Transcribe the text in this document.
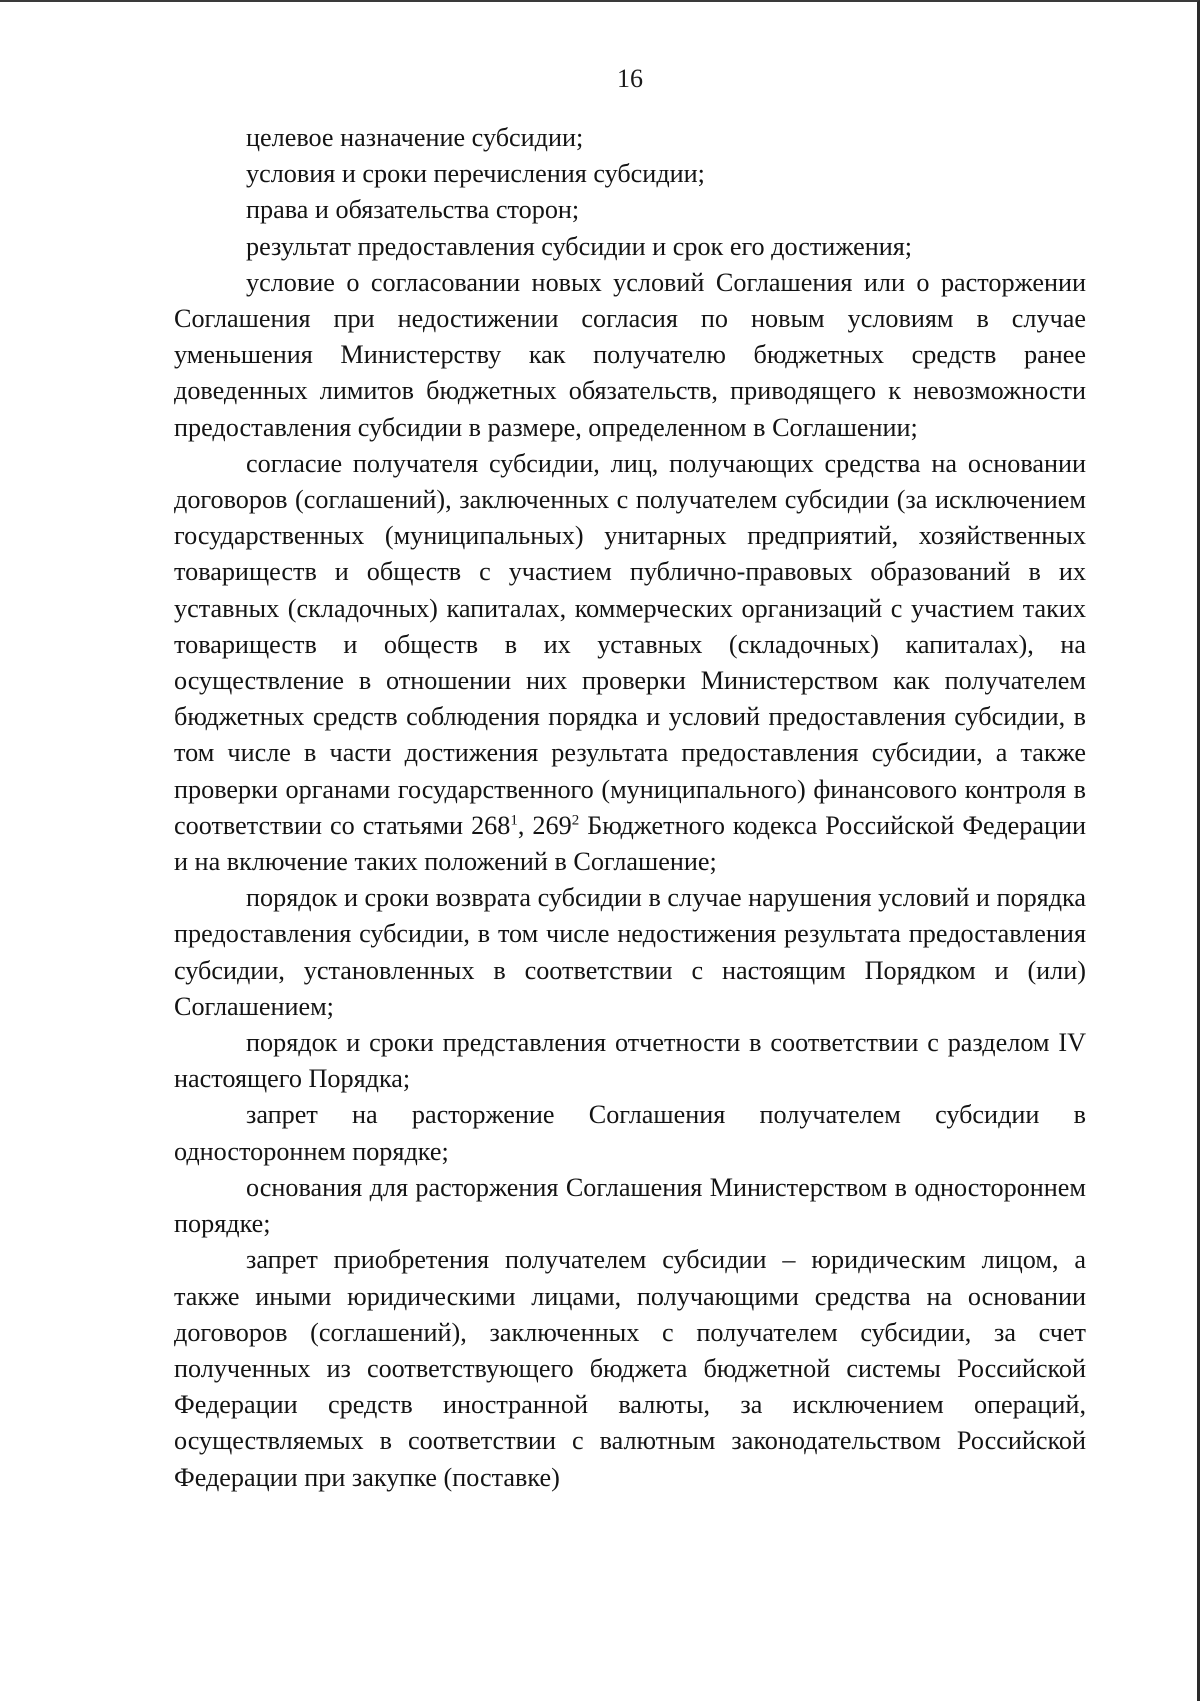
16

целевое назначение субсидии;

условия и сроки перечисления субсидии;

права и обязательства сторон;

результат предоставления субсидии и срок его достижения;

условие о согласовании новых условий Соглашения или о расторжении Соглашения при недостижении согласия по новым условиям в случае уменьшения Министерству как получателю бюджетных средств ранее доведенных лимитов бюджетных обязательств, приводящего к невозможности предоставления субсидии в размере, определенном в Соглашении;

согласие получателя субсидии, лиц, получающих средства на основании договоров (соглашений), заключенных с получателем субсидии (за исключением государственных (муниципальных) унитарных предприятий, хозяйственных товариществ и обществ с участием публично-правовых образований в их уставных (складочных) капиталах, коммерческих организаций с участием таких товариществ и обществ в их уставных (складочных) капиталах), на осуществление в отношении них проверки Министерством как получателем бюджетных средств соблюдения порядка и условий предоставления субсидии, в том числе в части достижения результата предоставления субсидии, а также проверки органами государственного (муниципального) финансового контроля в соответствии со статьями $268^1$, $269^2$ Бюджетного кодекса Российской Федерации и на включение таких положений в Соглашение;

порядок и сроки возврата субсидии в случае нарушения условий и порядка предоставления субсидии, в том числе недостижения результата предоставления субсидии, установленных в соответствии с настоящим Порядком и (или) Соглашением;

порядок и сроки представления отчетности в соответствии с разделом IV настоящего Порядка;

запрет на расторжение Соглашения получателем субсидии в одностороннем порядке;

основания для расторжения Соглашения Министерством в одностороннем порядке;

запрет приобретения получателем субсидии – юридическим лицом, а также иными юридическими лицами, получающими средства на основании договоров (соглашений), заключенных с получателем субсидии, за счет полученных из соответствующего бюджета бюджетной системы Российской Федерации средств иностранной валюты, за исключением операций, осуществляемых в соответствии с валютным законодательством Российской Федерации при закупке (поставке)
